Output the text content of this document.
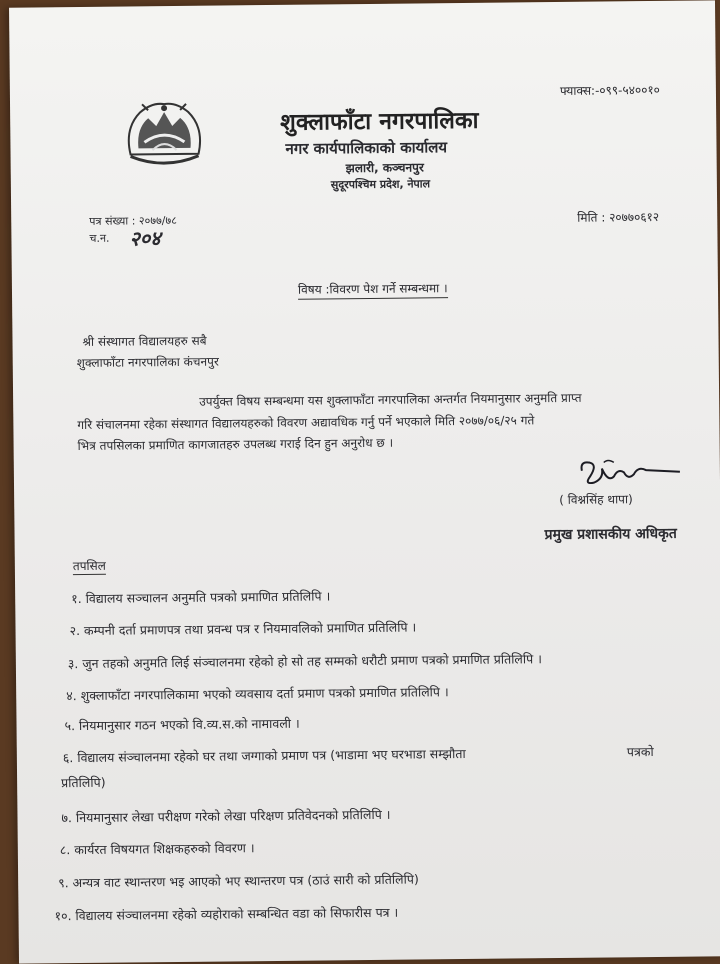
फ्याक्स:-०९९-५४००१०
शुक्लाफाँटा नगरपालिका
नगर कार्यपालिकाको कार्यालय
झलारी, कञ्चनपुर
सुदूरपश्चिम प्रदेश, नेपाल
पत्र संख्या : २०७७/७८
च.न. २०४
मिति : २०७७०६१२
विषय :विवरण पेश गर्ने सम्बन्धमा ।
श्री संस्थागत विद्यालयहरु सबै
शुक्लाफाँटा नगरपालिका कंचनपुर
उपर्युक्त विषय सम्बन्धमा यस शुक्लाफाँटा नगरपालिका अन्तर्गत नियमानुसार अनुमति प्राप्त
गरि संचालनमा रहेका संस्थागत विद्यालयहरुको विवरण अद्यावधिक गर्नु पर्ने भएकाले मिति २०७७/०६/२५ गते
भित्र तपसिलका प्रमाणित कागजातहरु उपलब्ध गराई दिन हुन अनुरोध छ ।
( विश्नसिंह थापा)
प्रमुख प्रशासकीय अधिकृत
तपसिल
१. विद्यालय सञ्चालन अनुमति पत्रको प्रमाणित प्रतिलिपि ।
२. कम्पनी दर्ता प्रमाणपत्र तथा प्रवन्ध पत्र र नियमावलिको प्रमाणित प्रतिलिपि ।
३. जुन तहको अनुमति लिई संञ्चालनमा रहेको हो सो तह सम्मको धरौटी प्रमाण पत्रको प्रमाणित प्रतिलिपि ।
४. शुक्लाफाँटा नगरपालिकामा भएको व्यवसाय दर्ता प्रमाण पत्रको प्रमाणित प्रतिलिपि ।
५. नियमानुसार गठन भएको वि.व्य.स.को नामावली ।
६. विद्यालय संञ्चालनमा रहेको घर तथा जग्गाको प्रमाण पत्र (भाडामा भए घरभाडा सम्झौता	पत्रको
प्रतिलिपि)
७. नियमानुसार लेखा परीक्षण गरेको लेखा परिक्षण प्रतिवेदनको प्रतिलिपि ।
८. कार्यरत विषयगत शिक्षकहरुको विवरण ।
९. अन्यत्र वाट स्थान्तरण भइ आएको भए स्थान्तरण पत्र (ठाउं सारी को प्रतिलिपि)
१०. विद्यालय संञ्चालनमा रहेको व्यहोराको सम्बन्धित वडा को सिफारीस पत्र ।
